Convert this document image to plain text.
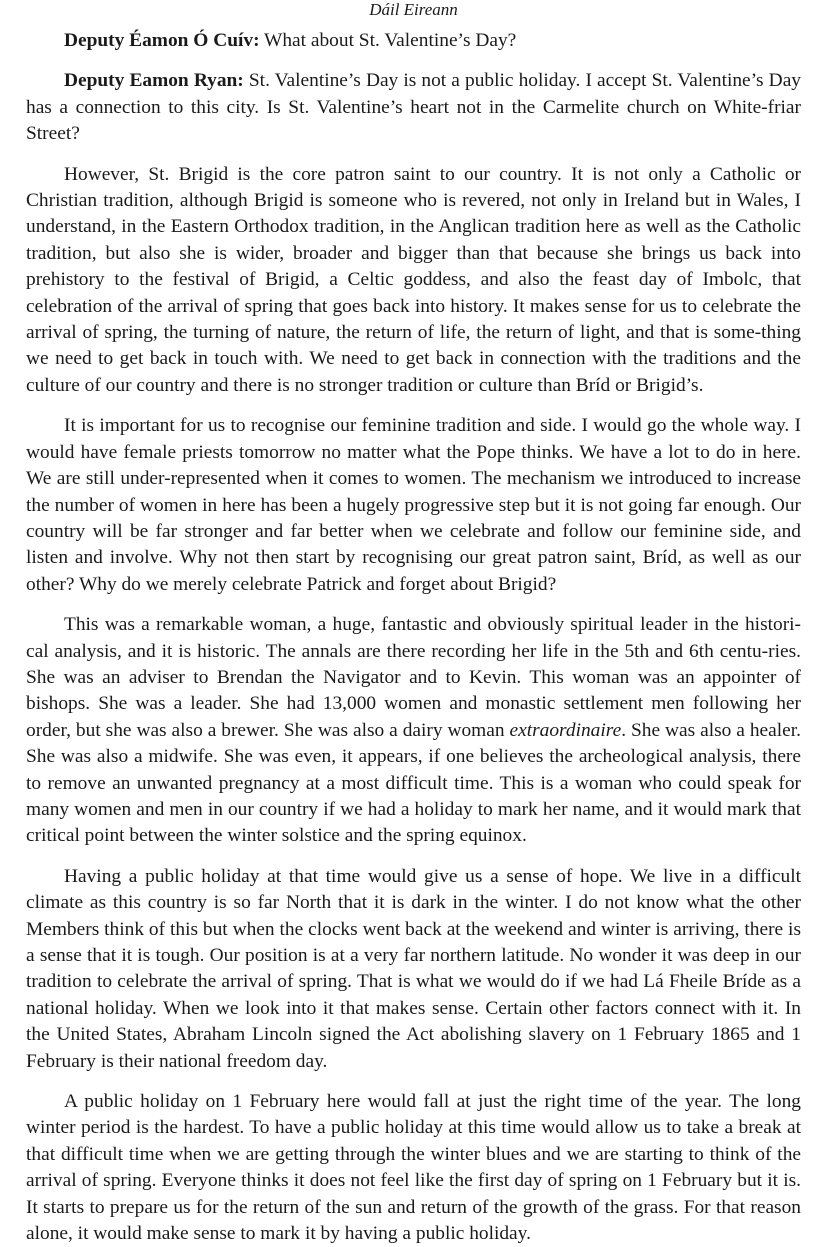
Dáil Eireann

Deputy Éamon Ó Cuív: What about St. Valentine’s Day?

Deputy Eamon Ryan: St. Valentine’s Day is not a public holiday. I accept St. Valentine’s Day has a connection to this city. Is St. Valentine’s heart not in the Carmelite church on White-friar Street?

However, St. Brigid is the core patron saint to our country. It is not only a Catholic or Christian tradition, although Brigid is someone who is revered, not only in Ireland but in Wales, I understand, in the Eastern Orthodox tradition, in the Anglican tradition here as well as the Catholic tradition, but also she is wider, broader and bigger than that because she brings us back into prehistory to the festival of Brigid, a Celtic goddess, and also the feast day of Imbolc, that celebration of the arrival of spring that goes back into history. It makes sense for us to celebrate the arrival of spring, the turning of nature, the return of life, the return of light, and that is some-thing we need to get back in touch with. We need to get back in connection with the traditions and the culture of our country and there is no stronger tradition or culture than Bríd or Brigid’s.

It is important for us to recognise our feminine tradition and side. I would go the whole way. I would have female priests tomorrow no matter what the Pope thinks. We have a lot to do in here. We are still under-represented when it comes to women. The mechanism we introduced to increase the number of women in here has been a hugely progressive step but it is not going far enough. Our country will be far stronger and far better when we celebrate and follow our feminine side, and listen and involve. Why not then start by recognising our great patron saint, Bríd, as well as our other? Why do we merely celebrate Patrick and forget about Brigid?

This was a remarkable woman, a huge, fantastic and obviously spiritual leader in the histori-cal analysis, and it is historic. The annals are there recording her life in the 5th and 6th centu-ries. She was an adviser to Brendan the Navigator and to Kevin. This woman was an appointer of bishops. She was a leader. She had 13,000 women and monastic settlement men following her order, but she was also a brewer. She was also a dairy woman extraordinaire. She was also a healer. She was also a midwife. She was even, it appears, if one believes the archeological analysis, there to remove an unwanted pregnancy at a most difficult time. This is a woman who could speak for many women and men in our country if we had a holiday to mark her name, and it would mark that critical point between the winter solstice and the spring equinox.

Having a public holiday at that time would give us a sense of hope. We live in a difficult climate as this country is so far North that it is dark in the winter. I do not know what the other Members think of this but when the clocks went back at the weekend and winter is arriving, there is a sense that it is tough. Our position is at a very far northern latitude. No wonder it was deep in our tradition to celebrate the arrival of spring. That is what we would do if we had Lá Fheile Bríde as a national holiday. When we look into it that makes sense. Certain other factors connect with it. In the United States, Abraham Lincoln signed the Act abolishing slavery on 1 February 1865 and 1 February is their national freedom day.

A public holiday on 1 February here would fall at just the right time of the year. The long winter period is the hardest. To have a public holiday at this time would allow us to take a break at that difficult time when we are getting through the winter blues and we are starting to think of the arrival of spring. Everyone thinks it does not feel like the first day of spring on 1 February but it is. It starts to prepare us for the return of the sun and return of the growth of the grass. For that reason alone, it would make sense to mark it by having a public holiday.
